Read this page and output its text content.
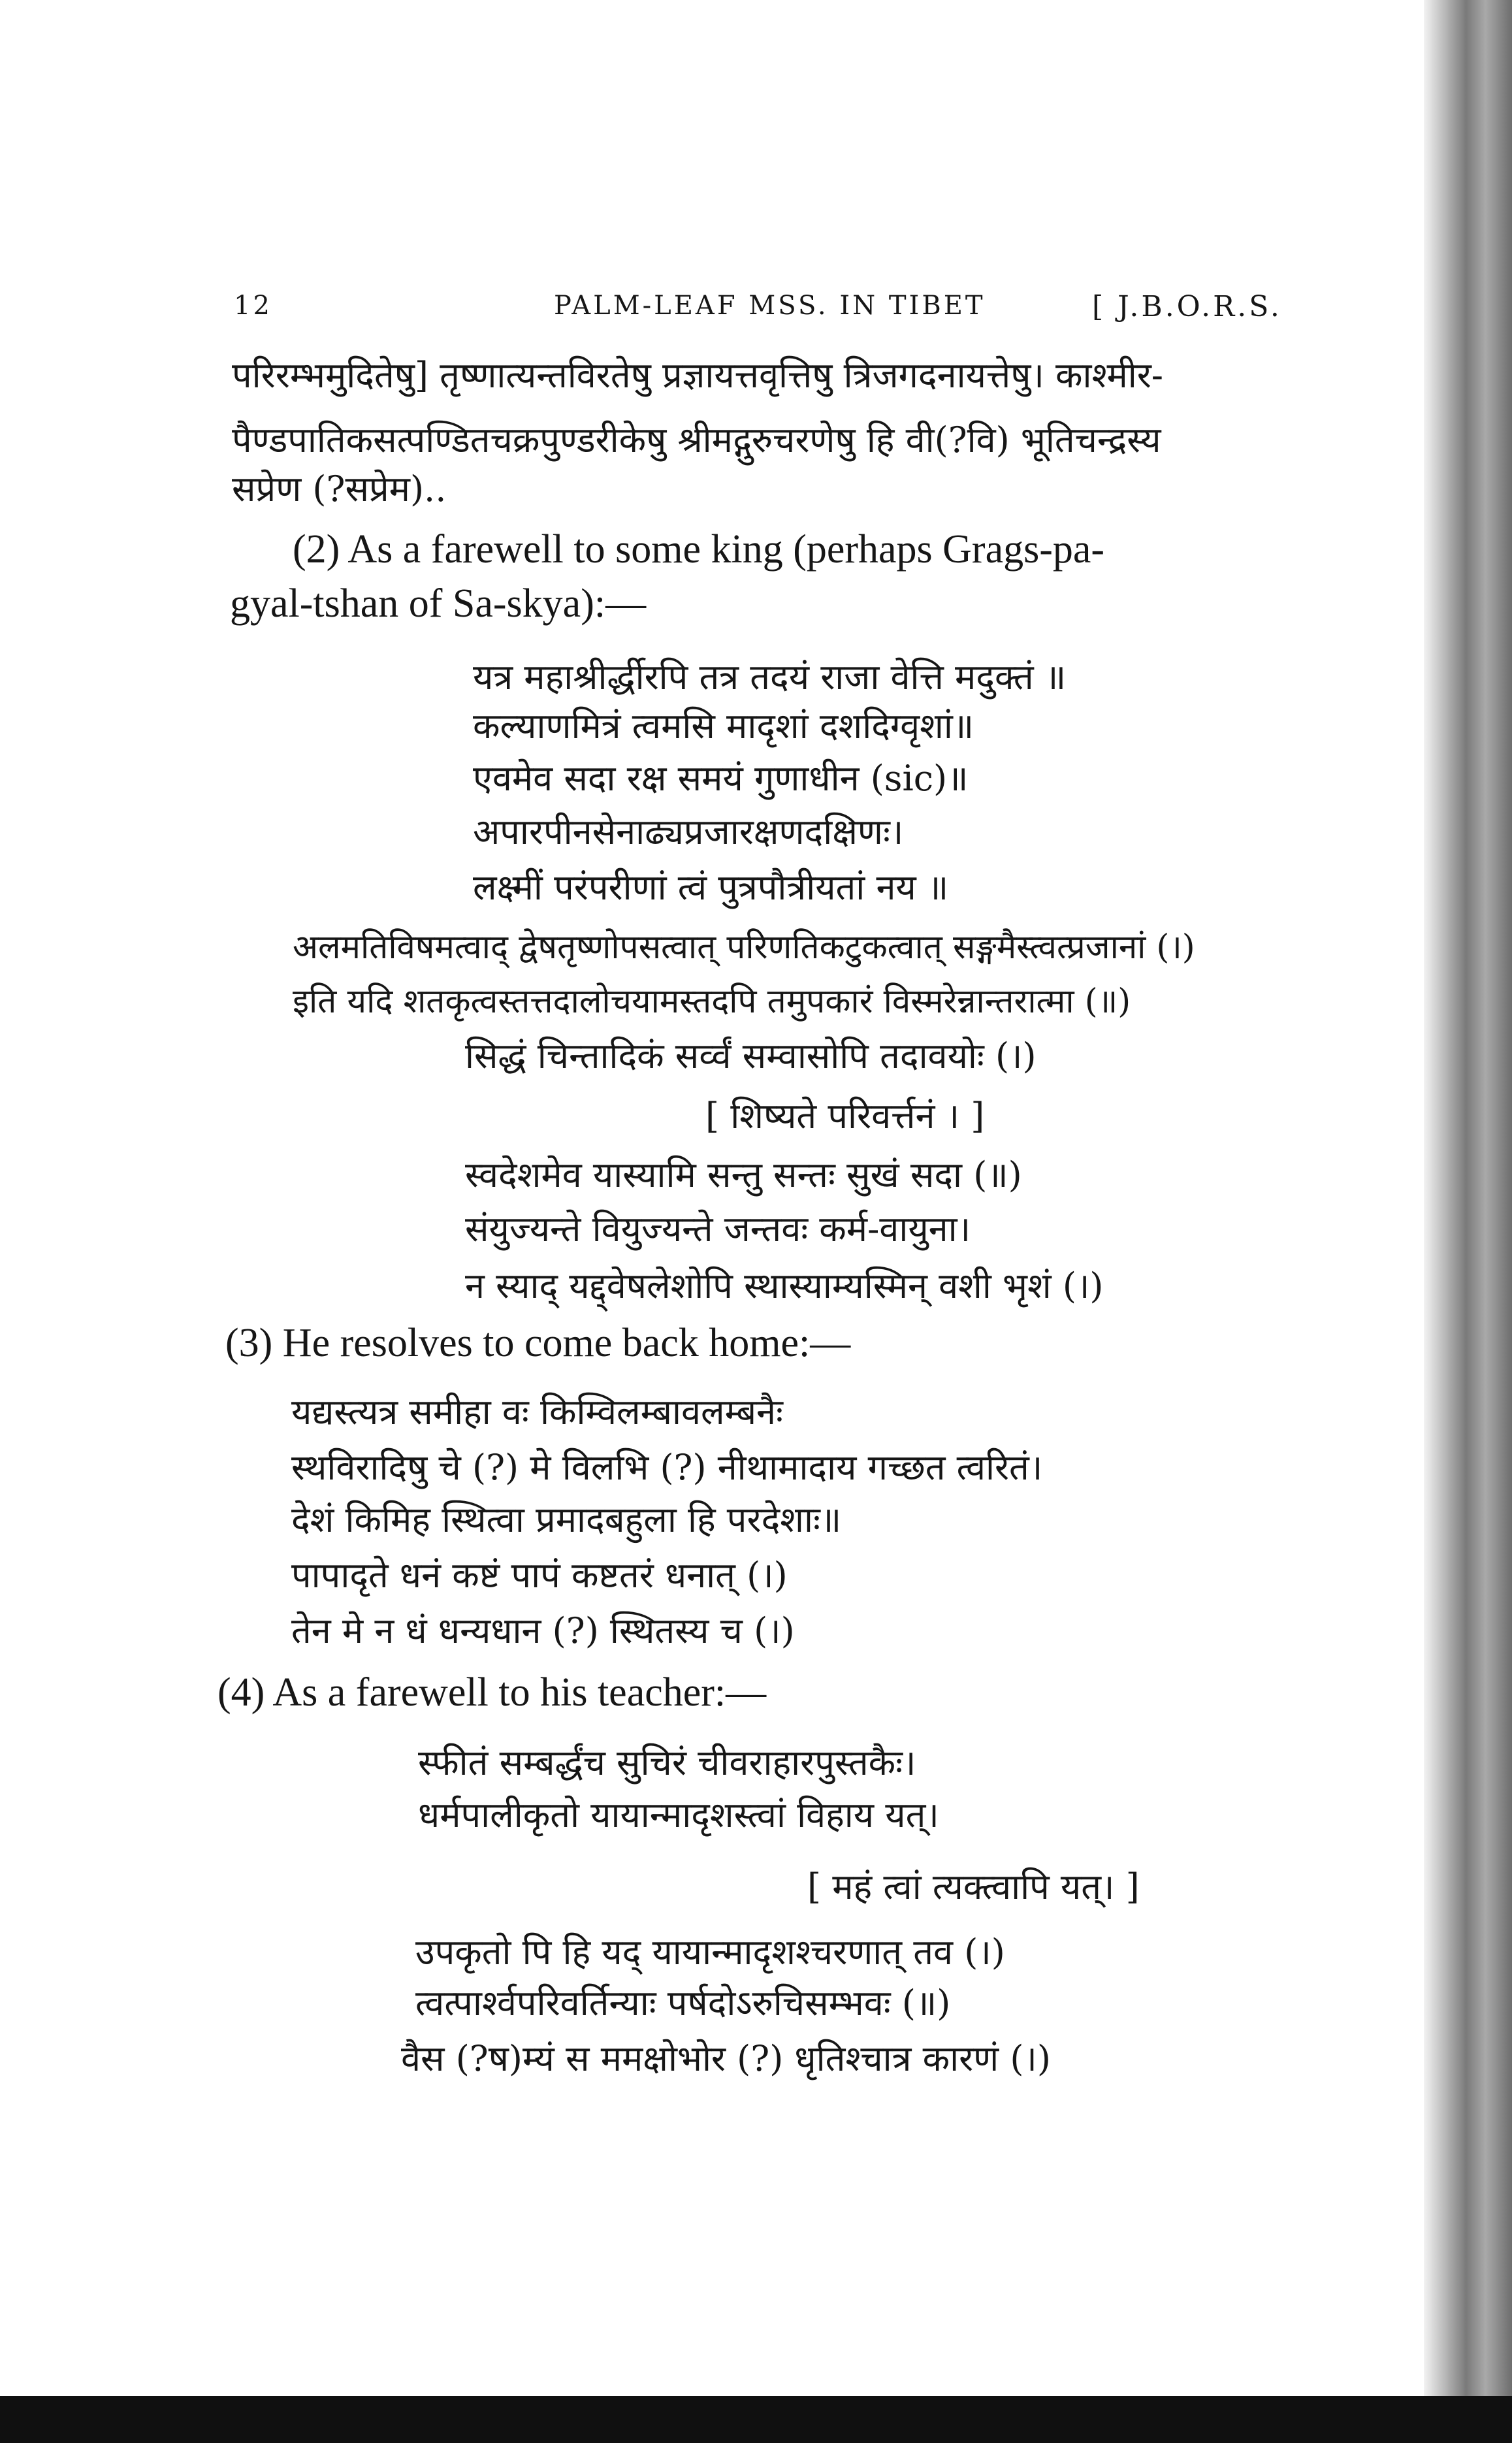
12	PALM-LEAF MSS. IN TIBET	[ J.B.O.R.S.
परिरम्भमुदितेषु] तृष्णात्यन्तविरतेषु प्रज्ञायत्तवृत्तिषु त्रिजगदनायत्तेषु। काश्मीर-
पैण्डपातिकसत्पण्डितचक्रपुण्डरीकेषु श्रीमद्गुरुचरणेषु हि वी(?वि) भूतिचन्द्रस्य
सप्रेण (?सप्रेम)..
(2) As a farewell to some king (perhaps Grags-pa-
gyal-tshan of Sa-skya):—
यत्र महाश्रीर्द्धीरपि तत्र तदयं राजा वेत्ति मदुक्तं ॥
कल्याणमित्रं त्वमसि मादृशां दशदिग्वृशां॥
एवमेव सदा रक्ष समयं गुणाधीन (sic)॥
अपारपीनसेनाढ्यप्रजारक्षणदक्षिणः।
लक्ष्मीं परंपरीणां त्वं पुत्रपौत्रीयतां नय ॥
अलमतिविषमत्वाद् द्वेषतृष्णोपसत्वात् परिणतिकटुकत्वात् सङ्गमैस्त्वत्प्रजानां (।)
इति यदि शतकृत्वस्तत्तदालोचयामस्तदपि तमुपकारं विस्मरेन्नान्तरात्मा (॥)
सिद्धं चिन्तादिकं सर्व्वं सम्वासोपि तदावयोः (।)
[ शिष्यते परिवर्त्तनं । ]
स्वदेशमेव यास्यामि सन्तु सन्तः सुखं सदा (॥)
संयुज्यन्ते वियुज्यन्ते जन्तवः कर्म-वायुना।
न स्याद् यद्द्वेषलेशोपि स्थास्याम्यस्मिन् वशी भृशं (।)
(3) He resolves to come back home:—
यद्यस्त्यत्र समीहा वः किम्विलम्बावलम्बनैः
स्थविरादिषु चे (?) मे विलभि (?) नीथामादाय गच्छत त्वरितं।
देशं किमिह स्थित्वा प्रमादबहुला हि परदेशाः॥
पापादृते धनं कष्टं पापं कष्टतरं धनात् (।)
तेन मे न धं धन्यधान (?) स्थितस्य च (।)
(4) As a farewell to his teacher:—
स्फीतं सम्बर्द्धंच सुचिरं चीवराहारपुस्तकैः।
धर्मपालीकृतो यायान्मादृशस्त्वां विहाय यत्।
[ महं त्वां त्यक्त्वापि यत्। ]
उपकृतो पि हि यद् यायान्मादृशश्चरणात् तव (।)
त्वत्पार्श्वपरिवर्तिन्याः पर्षदोऽरुचिसम्भवः (॥)
वैस (?ष)म्यं स ममक्षोभोर (?) धृतिश्चात्र कारणं (।)
